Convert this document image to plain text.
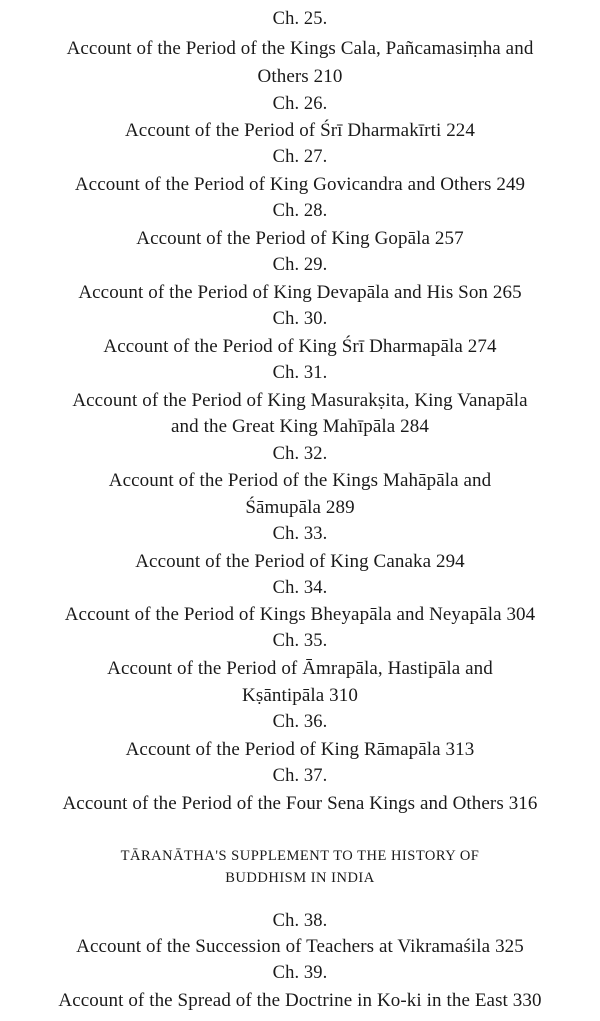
Ch. 25.
Account of the Period of the Kings Cala, Pañcamasiṃha and
Others 210
Ch. 26.
Account of the Period of Śrī Dharmakīrti 224
Ch. 27.
Account of the Period of King Govicandra and Others 249
Ch. 28.
Account of the Period of King Gopāla 257
Ch. 29.
Account of the Period of King Devapāla and His Son 265
Ch. 30.
Account of the Period of King Śrī Dharmapāla 274
Ch. 31.
Account of the Period of King Masurakṣita, King Vanapāla
and the Great King Mahīpāla 284
Ch. 32.
Account of the Period of the Kings Mahāpāla and
Śāmupāla 289
Ch. 33.
Account of the Period of King Canaka 294
Ch. 34.
Account of the Period of Kings Bheyapāla and Neyapāla 304
Ch. 35.
Account of the Period of Āmrapāla, Hastipāla and
Kṣāntipāla 310
Ch. 36.
Account of the Period of King Rāmapāla 313
Ch. 37.
Account of the Period of the Four Sena Kings and Others 316
TĀRANĀTHA'S SUPPLEMENT TO THE HISTORY OF
BUDDHISM IN INDIA
Ch. 38.
Account of the Succession of Teachers at Vikramaśila 325
Ch. 39.
Account of the Spread of the Doctrine in Ko-ki in the East 330
